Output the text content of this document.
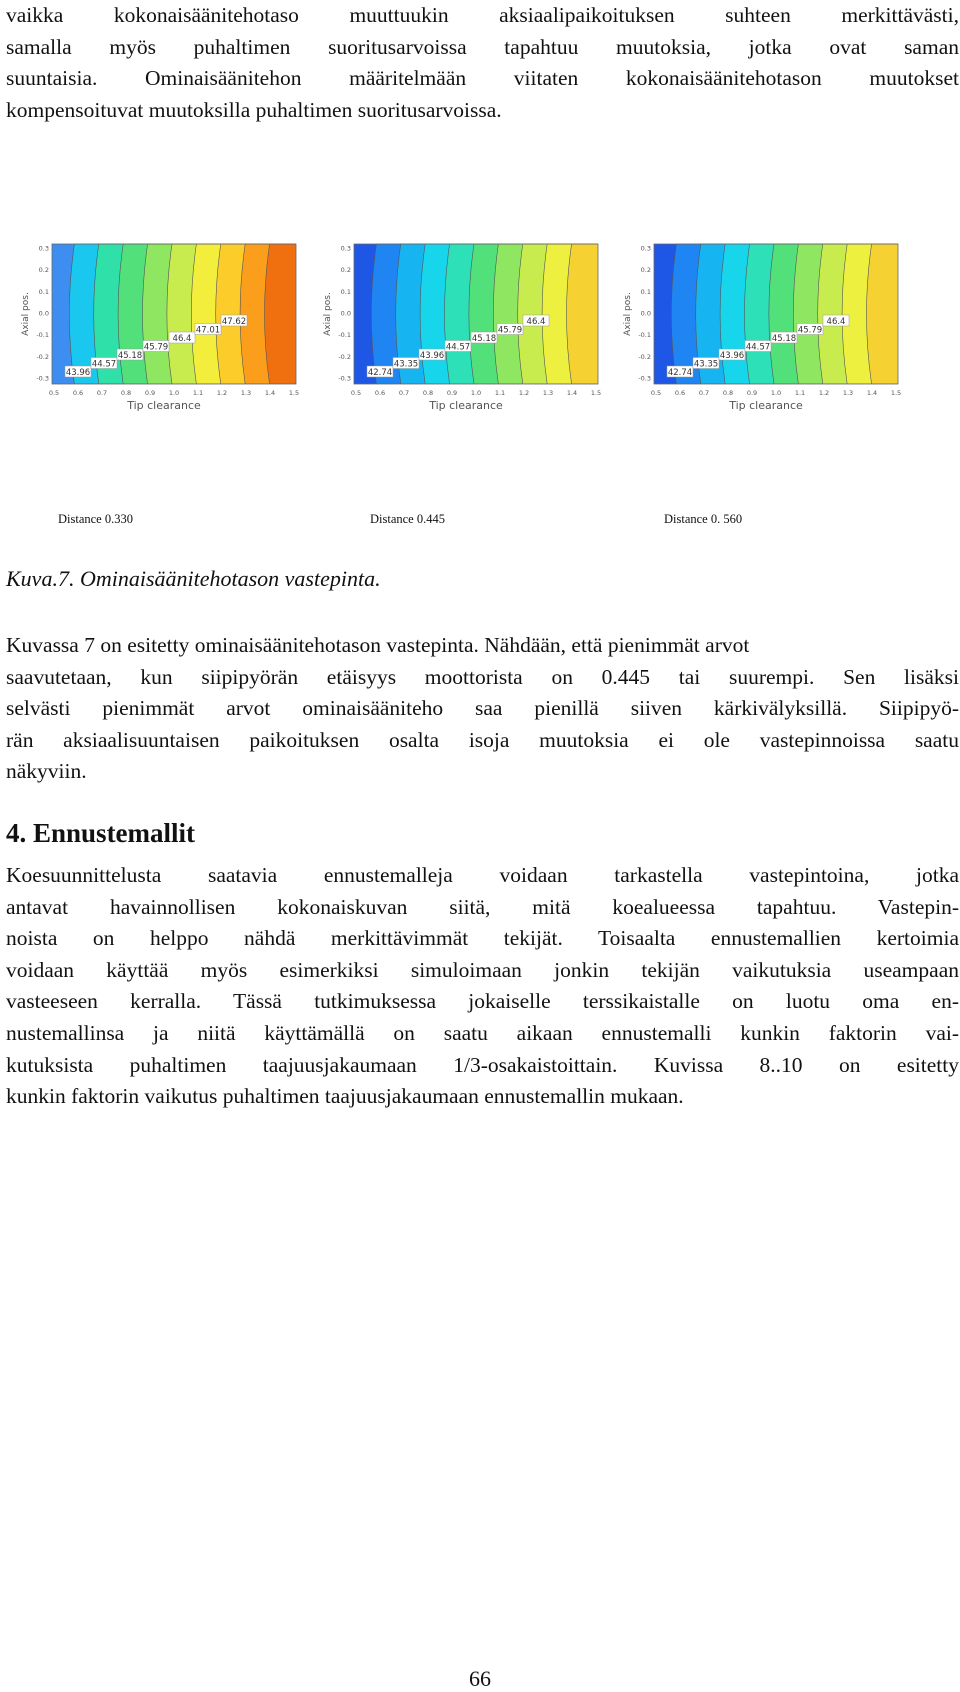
vaikka kokonaisäänitehotaso muuttuukin aksiaalipaikoituksen suhteen merkittävästi,
samalla myös puhaltimen suoritusarvoissa tapahtuu muutoksia, jotka ovat saman
suuntaisia. Ominaisäänitehon määritelmään viitaten kokonaisäänitehotason muutokset
kompensoituvat muutoksilla puhaltimen suoritusarvoissa.

43.96
44.57
45.18
45.79
46.4
47.01
47.62
0.3
0.2
0.1
0.0
-0.1
-0.2
-0.3
Axial pos.
0.5 0.6 0.7 0.8 0.9 1.0 1.1 1.2 1.3 1.4 1.5
Tip clearance
42.74
43.35
43.96
44.57
45.18
45.79
46.4
0.3
0.2
0.1
0.0
-0.1
-0.2
-0.3
Axial pos.
0.5 0.6 0.7 0.8 0.9 1.0 1.1 1.2 1.3 1.4 1.5
Tip clearance
42.74
43.35
43.96
44.57
45.18
45.79
46.4
0.3
0.2
0.1
0.0
-0.1
-0.2
-0.3
Axial pos.
0.5 0.6 0.7 0.8 0.9 1.0 1.1 1.2 1.3 1.4 1.5
Tip clearance
Distance 0.330	Distance 0.445	Distance 0. 560

Kuva.7. Ominaisäänitehotason vastepinta.

Kuvassa 7 on esitetty ominaisäänitehotason vastepinta. Nähdään, että pienimmät arvot
saavutetaan, kun siipipyörän etäisyys moottorista on 0.445 tai suurempi. Sen lisäksi
selvästi pienimmät arvot ominaisääniteho saa pienillä siiven kärkivälyksillä. Siipipyö-
rän aksiaalisuuntaisen paikoituksen osalta isoja muutoksia ei ole vastepinnoissa saatu
näkyviin.

4. Ennustemallit

Koesuunnittelusta saatavia ennustemalleja voidaan tarkastella vastepintoina, jotka
antavat havainnollisen kokonaiskuvan siitä, mitä koealueessa tapahtuu. Vastepin-
noista on helppo nähdä merkittävimmät tekijät. Toisaalta ennustemallien kertoimia
voidaan käyttää myös esimerkiksi simuloimaan jonkin tekijän vaikutuksia useampaan
vasteeseen kerralla. Tässä tutkimuksessa jokaiselle terssikaistalle on luotu oma en-
nustemallinsa ja niitä käyttämällä on saatu aikaan ennustemalli kunkin faktorin vai-
kutuksista puhaltimen taajuusjakaumaan 1/3-osakaistoittain. Kuvissa 8..10 on esitetty
kunkin faktorin vaikutus puhaltimen taajuusjakaumaan ennustemallin mukaan.

66
